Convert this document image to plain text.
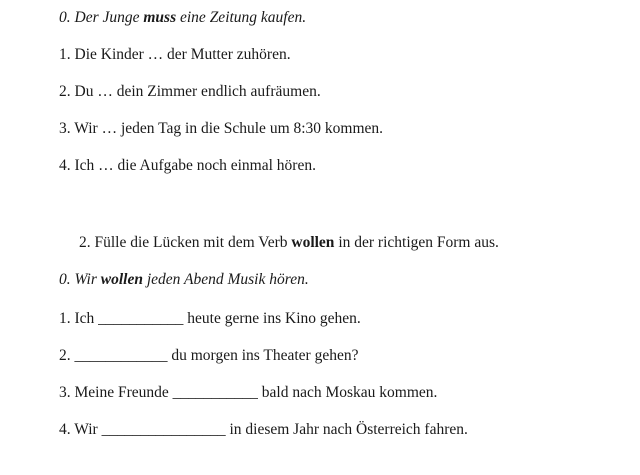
0. Der Junge muss eine Zeitung kaufen.
1. Die Kinder … der Mutter zuhören.
2. Du … dein Zimmer endlich aufräumen.
3. Wir … jeden Tag in die Schule um 8:30 kommen.
4. Ich … die Aufgabe noch einmal hören.
2. Fülle die Lücken mit dem Verb wollen in der richtigen Form aus.
0. Wir wollen jeden Abend Musik hören.
1. Ich ___________ heute gerne ins Kino gehen.
2. ____________ du morgen ins Theater gehen?
3. Meine Freunde ___________ bald nach Moskau kommen.
4. Wir ________________ in diesem Jahr nach Österreich fahren.
